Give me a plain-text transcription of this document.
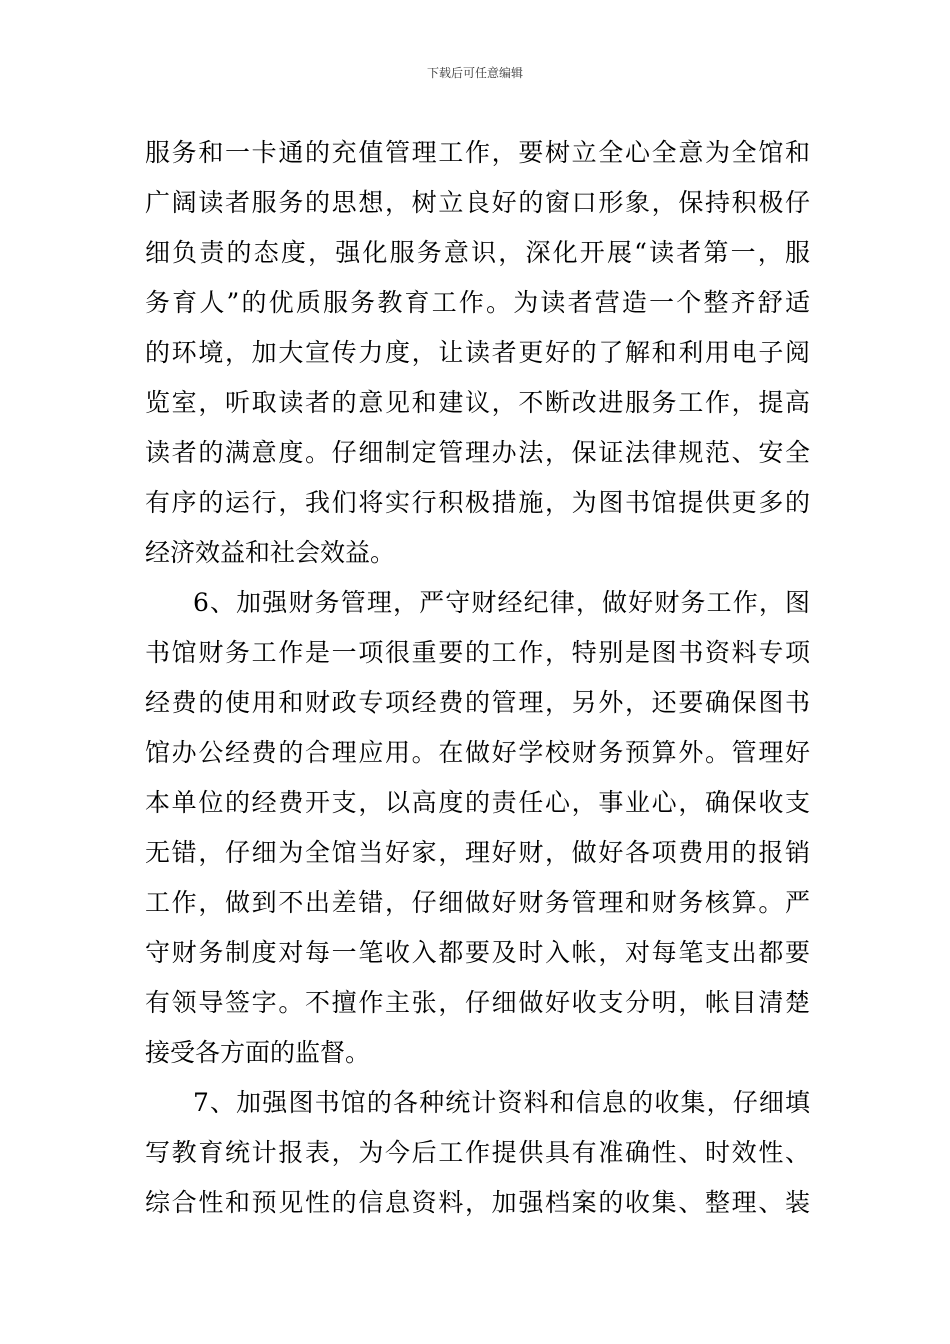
下载后可任意编辑
服务和一卡通的充值管理工作，要树立全心全意为全馆和
广阔读者服务的思想，树立良好的窗口形象，保持积极仔
细负责的态度，强化服务意识，深化开展“读者第一，服
务育人”的优质服务教育工作。为读者营造一个整齐舒适
的环境，加大宣传力度，让读者更好的了解和利用电子阅
览室，听取读者的意见和建议，不断改进服务工作，提高
读者的满意度。仔细制定管理办法，保证法律规范、安全
有序的运行，我们将实行积极措施，为图书馆提供更多的
经济效益和社会效益。
6、加强财务管理，严守财经纪律，做好财务工作，图
书馆财务工作是一项很重要的工作，特别是图书资料专项
经费的使用和财政专项经费的管理，另外，还要确保图书
馆办公经费的合理应用。在做好学校财务预算外。管理好
本单位的经费开支，以高度的责任心，事业心，确保收支
无错，仔细为全馆当好家，理好财，做好各项费用的报销
工作，做到不出差错，仔细做好财务管理和财务核算。严
守财务制度对每一笔收入都要及时入帐，对每笔支出都要
有领导签字。不擅作主张，仔细做好收支分明，帐目清楚
接受各方面的监督。
7、加强图书馆的各种统计资料和信息的收集，仔细填
写教育统计报表，为今后工作提供具有准确性、时效性、
综合性和预见性的信息资料，加强档案的收集、整理、装
